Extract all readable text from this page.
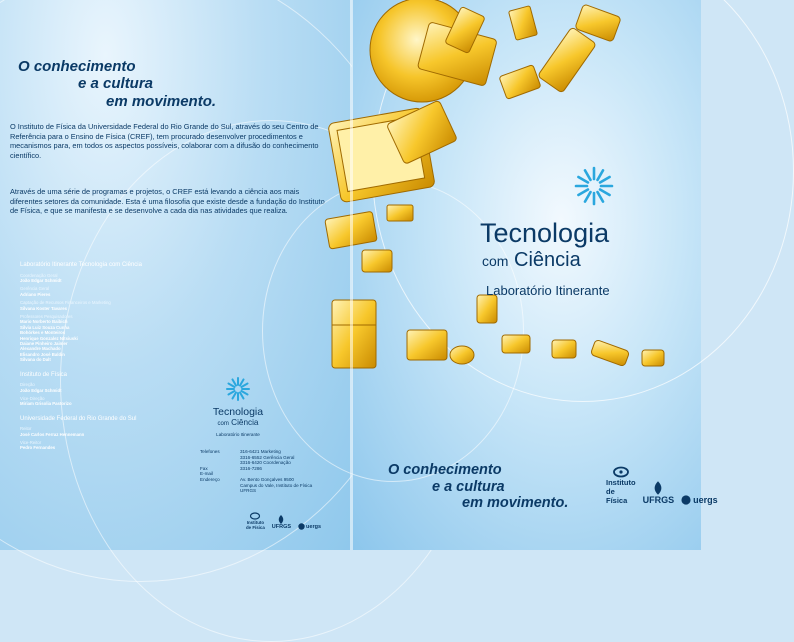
O conhecimento
e a cultura
em movimento.
O Instituto de Física da Universidade Federal do Rio Grande do Sul, através do seu Centro de Referência para o Ensino de Física (CREF), tem procurado desenvolver procedimentos e mecanismos para, em todos os aspectos possíveis, colaborar com a difusão do conhecimento científico.
Através de uma série de programas e projetos, o CREF está levando a ciência aos mais diferentes setores da comunidade. Esta é uma filosofia que existe desde a fundação do Instituto de Física, e que se manifesta e se desenvolve a cada dia nas atividades que realiza.
Laboratório Itinerante Tecnologia com Ciência
Coordenação Geral
João Edgar Schmidt
Gerência Geral
Adriano Pieres
Captação de Recursos Financeiros e Marketing
Silvana Koster Tavares
Professores Pesquisadores
Mario Norberto Baibich
Silvia Luiz Souza Cunha
Bohórkes e Monteiros
Henrique Gonzalez Nitsiuski
Daiane Pinheiro Jaimer
Alexandre Machado
Elisandro José Baldin
Silvana do Dalt
Instituto de Física
Direção
João Edgar Schmidt
Vice-Direção
Miriam Grisolia Pastorizo
Universidade Federal do Rio Grande do Sul
Reitor
José Carlos Ferraz Hennemann
Vice-Reitor
Pedro Fernandes
Tecnologia
com Ciência
Laboratório Itinerante
Telefones	316-6421 Marketing
3316-6552 Gerência Geral
3316-6420 Coordenação
Fax	3316-7286
E-mail
Endereço	Av. Bento Gonçalves 9500
Campus do Vale, Instituto de Física
UFRGS
Instituto
de Física UFRGS	uergs
Tecnologia
com Ciência
Laboratório Itinerante
O conhecimento
e a cultura
em movimento.
Instituto
de Física	UFRGS uergs
